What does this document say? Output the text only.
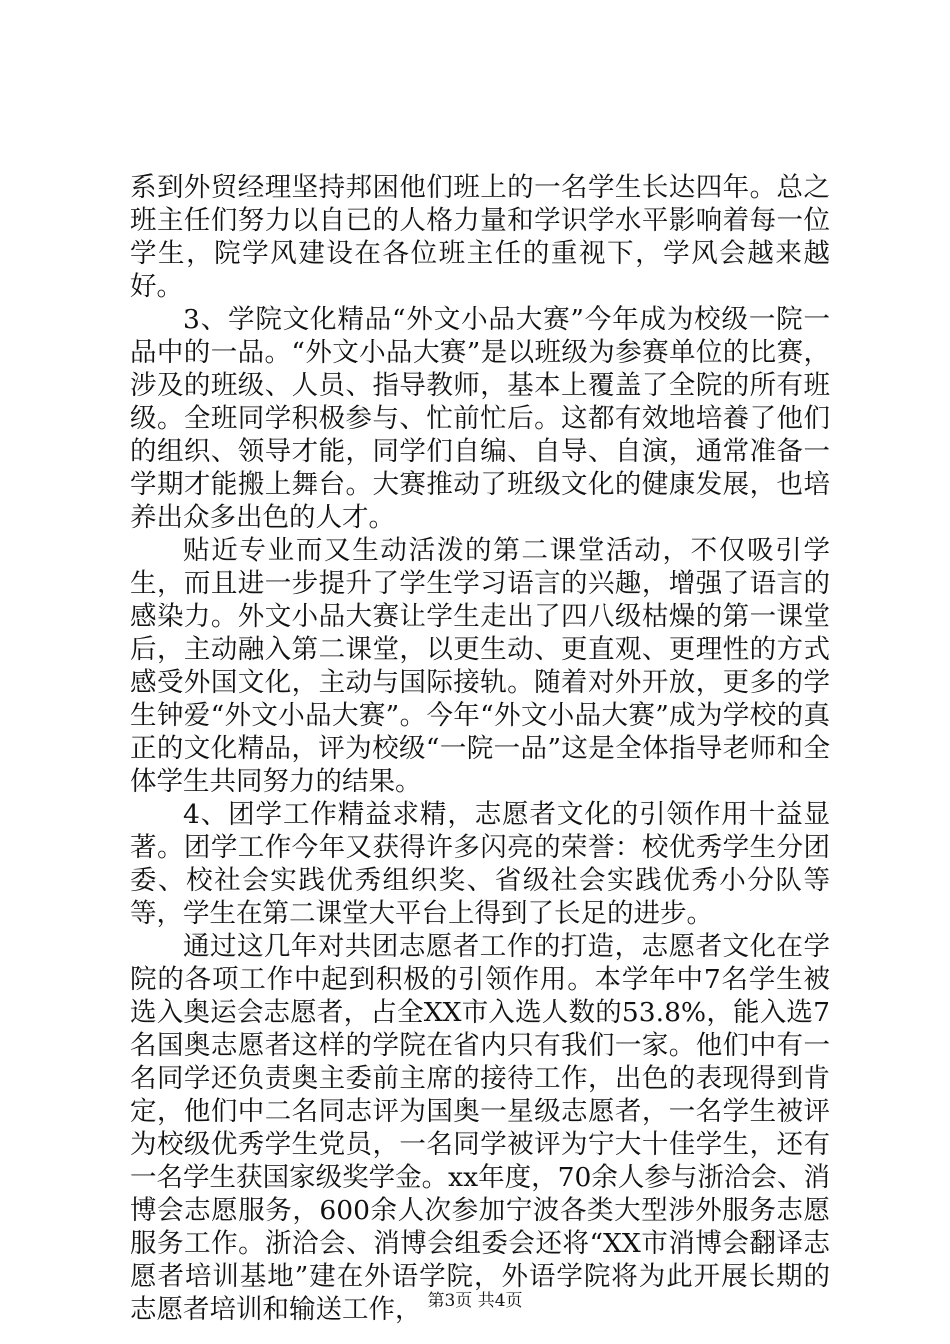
系到外贸经理坚持邦困他们班上的一名学生长达四年。总之班主任们努力以自已的人格力量和学识学水平影响着每一位学生，院学风建设在各位班主任的重视下，学风会越来越好。

3、学院文化精品“外文小品大赛”今年成为校级一院一品中的一品。“外文小品大赛”是以班级为参赛单位的比赛，涉及的班级、人员、指导教师，基本上覆盖了全院的所有班级。全班同学积极参与、忙前忙后。这都有效地培養了他们的组织、领导才能，同学们自编、自导、自演，通常准备一学期才能搬上舞台。大赛推动了班级文化的健康发展，也培养出众多出色的人才。

贴近专业而又生动活泼的第二课堂活动，不仅吸引学生，而且进一步提升了学生学习语言的兴趣，增强了语言的感染力。外文小品大赛让学生走出了四八级枯燥的第一课堂后，主动融入第二课堂，以更生动、更直观、更理性的方式感受外国文化，主动与国际接轨。随着对外开放，更多的学生钟爱“外文小品大赛”。今年“外文小品大赛”成为学校的真正的文化精品，评为校级“一院一品”这是全体指导老师和全体学生共同努力的结果。

4、团学工作精益求精，志愿者文化的引领作用十益显著。团学工作今年又获得许多闪亮的荣誉：校优秀学生分团委、校社会实践优秀组织奖、省级社会实践优秀小分队等等，学生在第二课堂大平台上得到了长足的进步。

通过这几年对共团志愿者工作的打造，志愿者文化在学院的各项工作中起到积极的引领作用。本学年中7名学生被选入奥运会志愿者，占全XX市入选人数的53.8%，能入选7名国奥志愿者这样的学院在省内只有我们一家。他们中有一名同学还负责奥主委前主席的接待工作，出色的表现得到肯定，他们中二名同志评为国奥一星级志愿者，一名学生被评为校级优秀学生党员，一名同学被评为宁大十佳学生，还有一名学生获国家级奖学金。xx年度，70余人参与浙洽会、消博会志愿服务，600余人次参加宁波各类大型涉外服务志愿服务工作。浙洽会、消博会组委会还将“XX市消博会翻译志愿者培训基地”建在外语学院，外语学院将为此开展长期的志愿者培训和输送工作， 第3页 共4页
